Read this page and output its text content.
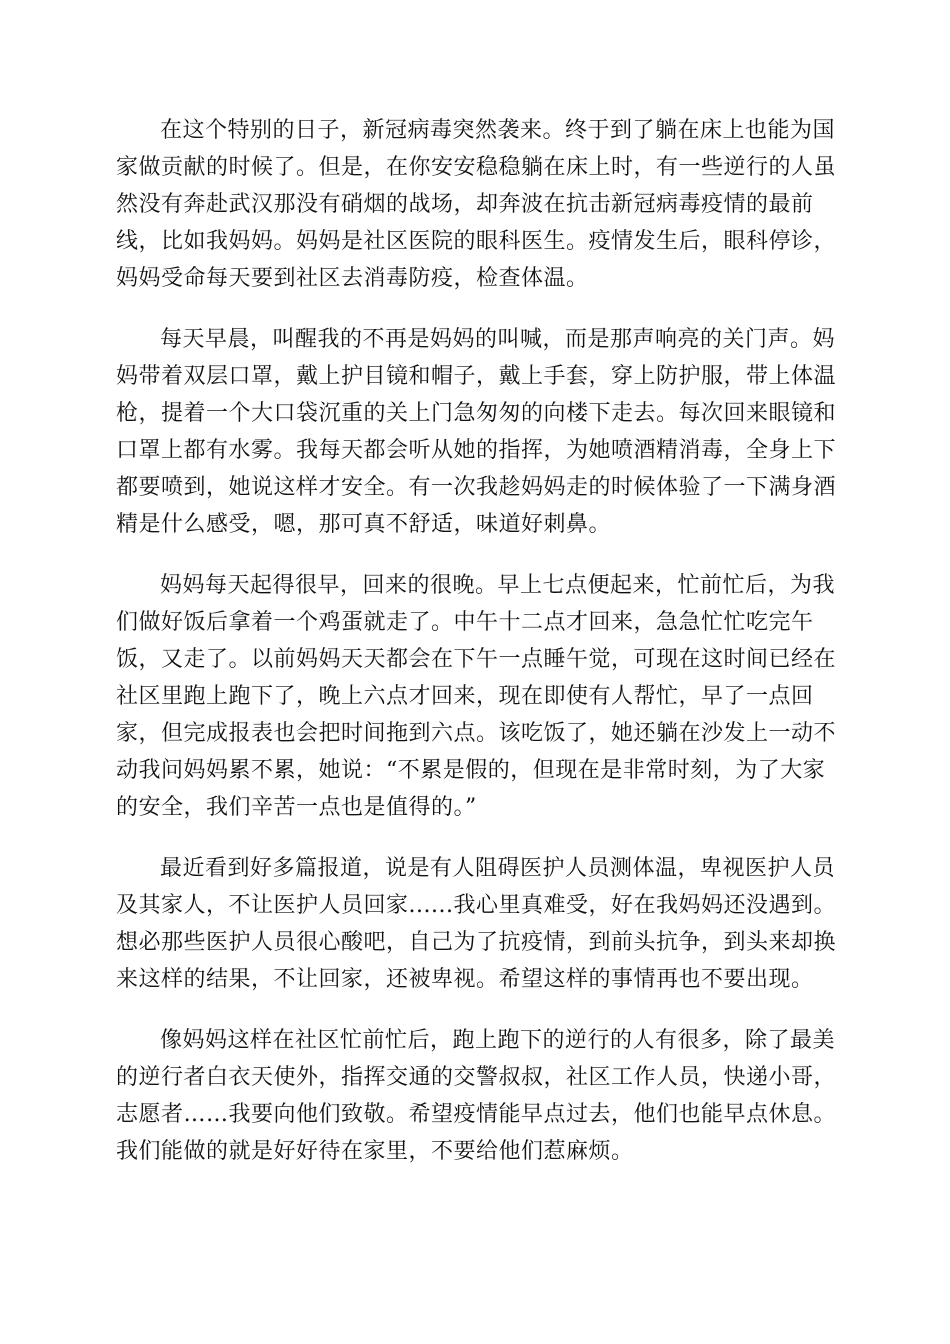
在这个特别的日子，新冠病毒突然袭来。终于到了躺在床上也能为国家做贡献的时候了。但是，在你安安稳稳躺在床上时，有一些逆行的人虽然没有奔赴武汉那没有硝烟的战场，却奔波在抗击新冠病毒疫情的最前线，比如我妈妈。妈妈是社区医院的眼科医生。疫情发生后，眼科停诊，妈妈受命每天要到社区去消毒防疫，检查体温。

每天早晨，叫醒我的不再是妈妈的叫喊，而是那声响亮的关门声。妈妈带着双层口罩，戴上护目镜和帽子，戴上手套，穿上防护服，带上体温枪，提着一个大口袋沉重的关上门急匆匆的向楼下走去。每次回来眼镜和口罩上都有水雾。我每天都会听从她的指挥，为她喷酒精消毒，全身上下都要喷到，她说这样才安全。有一次我趁妈妈走的时候体验了一下满身酒精是什么感受，嗯，那可真不舒适，味道好刺鼻。

妈妈每天起得很早，回来的很晚。早上七点便起来，忙前忙后，为我们做好饭后拿着一个鸡蛋就走了。中午十二点才回来，急急忙忙吃完午饭，又走了。以前妈妈天天都会在下午一点睡午觉，可现在这时间已经在社区里跑上跑下了，晚上六点才回来，现在即使有人帮忙，早了一点回家，但完成报表也会把时间拖到六点。该吃饭了，她还躺在沙发上一动不动我问妈妈累不累，她说：“不累是假的，但现在是非常时刻，为了大家的安全，我们辛苦一点也是值得的。”

最近看到好多篇报道，说是有人阻碍医护人员测体温，卑视医护人员及其家人，不让医护人员回家......我心里真难受，好在我妈妈还没遇到。想必那些医护人员很心酸吧，自己为了抗疫情，到前头抗争，到头来却换来这样的结果，不让回家，还被卑视。希望这样的事情再也不要出现。

像妈妈这样在社区忙前忙后，跑上跑下的逆行的人有很多，除了最美的逆行者白衣天使外，指挥交通的交警叔叔，社区工作人员，快递小哥，志愿者……我要向他们致敬。希望疫情能早点过去，他们也能早点休息。我们能做的就是好好待在家里，不要给他们惹麻烦。
